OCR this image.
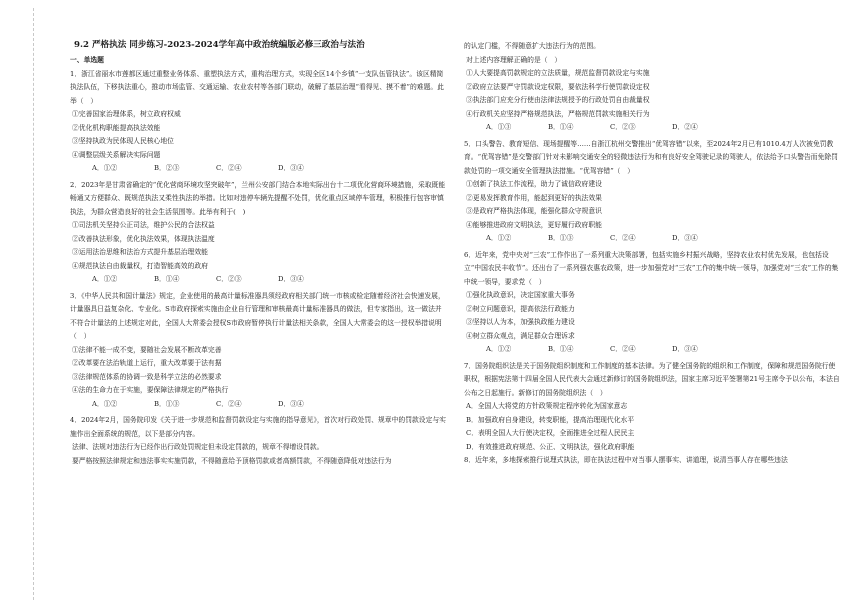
9.2 严格执法 同步练习-2023-2024学年高中政治统编版必修三政治与法治

一、单选题

1．浙江省丽水市莲都区通过重整业务体系、重塑执法方式，重构治理方式，实现全区14个乡镇“一支队伍管执法”。该区精简执法队伍，下移执法重心，推动市场监管、交通运输、农业农村等各部门联动，破解了基层治理“看得见、摸不着”的难题。此举（　）

①完善国家治理体系，树立政府权威

②优化机构职能提高执法效能

③坚持执政为民体现人民核心地位

④调整层级关系解决实际问题

A．①②	B．②③	C．②④	D．③④

2．2023年是甘肃省确定的“优化营商环境攻坚突破年”，兰州公安部门结合本地实际出台十二项优化营商环境措施，采取既能畅通又方便群众、既规范执法又柔性执法的举措。比如对违停车辆先提醒不处罚，优化重点区域停车管理，积极推行包容审慎执法，为群众营造良好的社会生活氛围等。此举有利于(　)

①司法机关坚持公正司法，维护公民的合法权益

②改善执法形象，优化执法效果，体现执法温度

③运用法治思维和法治方式提升基层治理效能

④规范执法自由裁量权，打造智能高效的政府

A．①②	B．①④	C．②③	D．③④

3．《中华人民共和国计量法》规定，企业使用的最高计量标准器具须经政府相关部门统一市核或检定随着经济社会快速发展，计量器具日益复杂化、专业化。S市政府探索实施由企业自行管理和审核最高计量标准器具的做法，但专家指出，这一做法并不符合计量法的上述规定对此，全国人大常委会授权S市政府暂停执行计量法相关条款，全国人大常委会的这一授权举措说明（　）

①法律不能一成不变，要随社会发展不断改革完善

②改革要在法治轨道上运行，重大改革要于法有据

③法律规范体系的协调一致是科学立法的必然要求

④法的生命力在于实施，要保障法律规定的严格执行

A．①②	B．①③	C．②④	D．③④

4．2024年2月，国务院印发《关于进一步规范和监督罚款设定与实施的指导意见》，首次对行政处罚、规章中的罚款设定与实施作出全面系统的规范，以下是部分内容。

法律、法规对违法行为已经作出行政处罚规定但未设定罚款的，规章不得增设罚款。

要严格按照法律规定和违法事实实施罚款，不得随意给予顶格罚款或者高额罚款，不得随意降低对违法行为

的认定门槛，不得随意扩大违法行为的范围。

对上述内容理解正确的是（　）

①人大要提高罚款规定的立法质量，规范监督罚款设定与实施

②政府立法要严守罚款设定权限，要依法科学行使罚款设定权

③执法部门应充分行使由法律法规授予的行政处罚自由裁量权

④行政机关应坚持严格规范执法，严格规范罚款实施相关行为

A．①③	B．①④	C．②③	D．②④

5．口头警告、教育短信、现场提醒等……自浙江杭州交警推出“优驾容错”以来，至2024年2月已有1010.4万人次被免罚教育。“优驾容错”是交警部门针对未影响交通安全的轻微违法行为和有良好安全驾驶记录的驾驶人，依法给予口头警告而免除罚款处罚的一项交通安全管理执法措施。“优驾容错”（　）

①创新了执法工作流程，助力了诚信政府建设

②更易发挥教育作用，能起到更好的执法效果

③是政府严格执法体现，能强化群众守规意识

④能够推进政府文明执法，更好履行政府职能

A．①②	B．①③	C．②④	D．③④

6．近年来，党中央对“三农”工作作出了一系列重大决策部署，包括实施乡村振兴战略，坚持农业农村优先发展，也包括设立“中国农民丰收节”。还出台了一系列强农惠农政策，进一步加强党对“三农”工作的集中统一领导，加强党对“三农”工作的集中统一领导，要求党（　）

①强化执政意识，决定国家重大事务

②树立问题意识，提高依法行政能力

③坚持以人为本，加强执政能力建设

④树立群众观点，满足群众合理诉求

A．①②	B．①④	C．②④	D．③④

7．国务院组织法是关于国务院组织制度和工作制度的基本法律。为了健全国务院的组织和工作制度，保障和规范国务院行使职权，根据宪法第十四届全国人民代表大会通过新修订的国务院组织法，国家主席习近平签署第21号主席令予以公布，本法自公布之日起施行。新修订的国务院组织法（　）

A．全国人大将党的方针政策规定程序转化为国家意志

B．加强政府自身建设，转变职能，提高治理现代化水平

C．表明全国人大行使决定权，全面推进全过程人民民主

D．有效推进政府规范、公正、文明执法，强化政府职能

8．近年来，多地探索推行说理式执法，即在执法过程中对当事人摆事实、讲道理，说清当事人存在哪些违法
